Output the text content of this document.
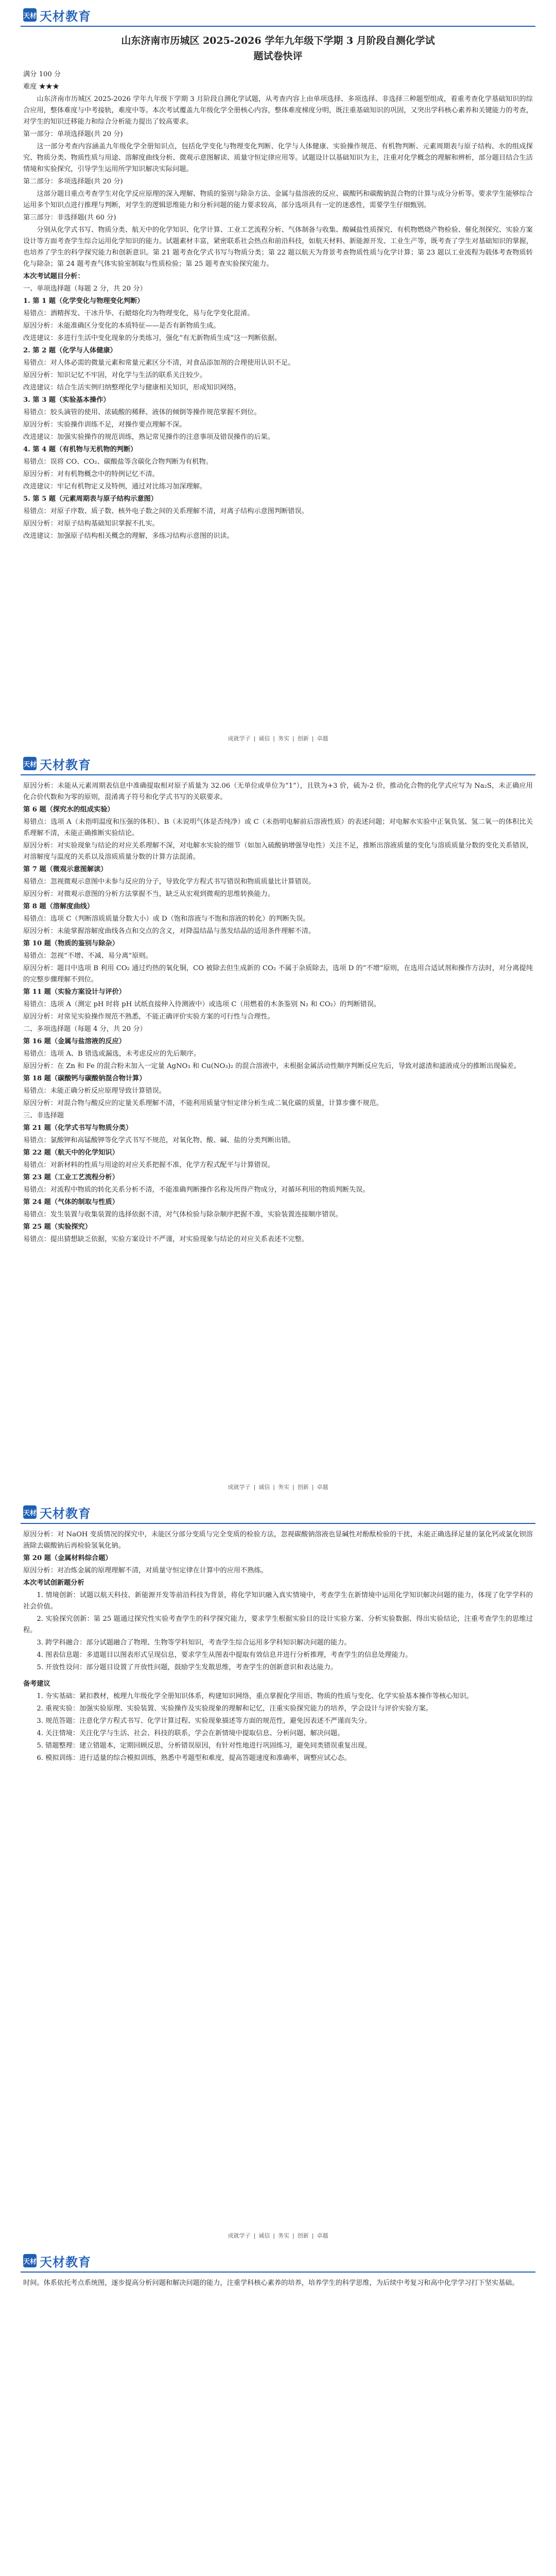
天材 天材教育
山东济南市历城区 2025-2026 学年九年级下学期 3 月阶段自测化学试
题试卷快评
满分 100 分
难度 ★★★

山东济南市历城区 2025-2026 学年九年级下学期 3 月阶段自测化学试题，从考查内容上由单项选择、多项选择、非选择三种题型组成，着重考查化学基础知识的综合应用，整体难度与中考接轨，难度中等。本次考试覆盖九年级化学全册核心内容，整体难度梯度分明，既注重基础知识的巩固，又突出学科核心素养和关键能力的考查，对学生的知识迁移能力和综合分析能力提出了较高要求。

第一部分：单项选择题(共 20 分)

这一部分考查内容涵盖九年级化学全册知识点，包括化学变化与物理变化判断、化学与人体健康、实验操作规范、有机物判断、元素周期表与原子结构、水的组成探究、物质分类、物质性质与用途、溶解度曲线分析、微观示意图解读、质量守恒定律应用等。试题设计以基础知识为主，注重对化学概念的理解和辨析，部分题目结合生活情境和实验探究，引导学生运用所学知识解决实际问题。

第二部分：多项选择题(共 20 分)

这部分题目重点考查学生对化学反应原理的深入理解、物质的鉴别与除杂方法、金属与盐溶液的反应、碳酸钙和碳酸钠混合物的计算与成分分析等。要求学生能够综合运用多个知识点进行推理与判断，对学生的逻辑思维能力和分析问题的能力要求较高，部分选项具有一定的迷惑性，需要学生仔细甄别。

第三部分：非选择题(共 60 分)

分别从化学式书写、物质分类、航天中的化学知识、化学计算、工业工艺流程分析、气体制备与收集、酸碱盐性质探究、有机物燃烧产物检验、催化剂探究、实验方案设计等方面考查学生综合运用化学知识的能力。试题素材丰富，紧密联系社会热点和前沿科技，如航天材料、新能源开发、工业生产等，既考查了学生对基础知识的掌握，也培养了学生的科学探究能力和创新意识。第 21 题考查化学式书写与物质分类；第 22 题以航天为背景考查物质性质与化学计算；第 23 题以工业流程为载体考查物质转化与除杂；第 24 题考查气体实验室制取与性质检验；第 25 题考查实验探究能力。

本次考试题目分析：

一、单项选择题（每题 2 分，共 20 分）

1. 第 1 题（化学变化与物理变化判断）

易错点：酒精挥发、干冰升华、石蜡熔化均为物理变化，易与化学变化混淆。

原因分析：未能准确区分变化的本质特征——是否有新物质生成。

改进建议：多进行生活中变化现象的分类练习，强化“有无新物质生成”这一判断依据。

2. 第 2 题（化学与人体健康）

易错点：对人体必需的微量元素和常量元素区分不清，对食品添加剂的合理使用认识不足。

原因分析：知识记忆不牢固，对化学与生活的联系关注较少。

改进建议：结合生活实例归纳整理化学与健康相关知识，形成知识网络。

3. 第 3 题（实验基本操作）

易错点：胶头滴管的使用、浓硫酸的稀释、液体的倾倒等操作规范掌握不到位。

原因分析：实验操作训练不足，对操作要点理解不深。

改进建议：加强实验操作的规范训练，熟记常见操作的注意事项及错误操作的后果。

4. 第 4 题（有机物与无机物的判断）

易错点：误将 CO、CO₂、碳酸盐等含碳化合物判断为有机物。

原因分析：对有机物概念中的特例记忆不清。

改进建议：牢记有机物定义及特例，通过对比练习加深理解。

5. 第 5 题（元素周期表与原子结构示意图）

易错点：对原子序数、质子数、核外电子数之间的关系理解不清，对离子结构示意图判断错误。

原因分析：对原子结构基础知识掌握不扎实。

改进建议：加强原子结构相关概念的理解，多练习结构示意图的识读。

成就学子 | 诚信 | 务实 | 创新 | 卓越
天材 天材教育

原因分析：未能从元素周期表信息中准确提取相对原子质量为 32.06（无单位或单位为“1”），且铁为+3 价，硫为-2 价，推动化合物的化学式应写为 Na₂S，未正确应用化合价代数和为零的原则，混淆离子符号和化学式书写的关联要求。

第 6 题（探究水的组成实验）

易错点：选项 A（未指明温度和压强的体积）、B（未说明气体是否纯净）或 C（未指明电解前后溶液性质）的表述问题；对电解水实验中正氧负氢、氢二氧一的体积比关系理解不清，未能正确推断实验结论。

原因分析：对实验现象与结论的对应关系理解不深，对电解水实验的细节（如加入硫酸钠增强导电性）关注不足，推断出溶液质量的变化与溶质质量分数的变化关系错误，对溶解度与温度的关系以及溶质质量分数的计算方法混淆。

第 7 题（微观示意图解读）

易错点：忽视微观示意图中未参与反应的分子，导致化学方程式书写错误和物质质量比计算错误。

原因分析：对微观示意图的分析方法掌握不当，缺乏从宏观到微观的思维转换能力。

第 8 题（溶解度曲线）

易错点：选项 C（判断溶质质量分数大小）或 D（饱和溶液与不饱和溶液的转化）的判断失误。

原因分析：未能掌握溶解度曲线各点和交点的含义，对降温结晶与蒸发结晶的适用条件理解不清。

第 10 题（物质的鉴别与除杂）

易错点：忽视“不增、不减、易分离”原则。

原因分析：题目中选项 B 利用 CO₂ 通过灼热的氧化铜，CO 被除去但生成新的 CO₂ 不属于杂质除去，选项 D 的“不增”原则，在选用合适试剂和操作方法时，对分离提纯的完整步骤理解不到位。

第 11 题（实验方案设计与评价）

易错点：选项 A（测定 pH 时将 pH 试纸直接伸入待测液中）或选项 C（用燃着的木条鉴别 N₂ 和 CO₂）的判断错误。

原因分析：对常见实验操作规范不熟悉，不能正确评价实验方案的可行性与合理性。

二、多项选择题（每题 4 分，共 20 分）

第 16 题（金属与盐溶液的反应）

易错点：选项 A、B 错选或漏选，未考虑反应的先后顺序。

原因分析：在 Zn 和 Fe 的混合粉末加入一定量 AgNO₃ 和 Cu(NO₃)₂ 的混合溶液中，未根据金属活动性顺序判断反应先后，导致对滤渣和滤液成分的推断出现偏差。

第 18 题（碳酸钙与碳酸钠混合物计算）

易错点：未能正确分析反应原理导致计算错误。

原因分析：对混合物与酸反应的定量关系理解不清，不能利用质量守恒定律分析生成二氧化碳的质量，计算步骤不规范。

三、非选择题

第 21 题（化学式书写与物质分类）

易错点：氯酸钾和高锰酸钾等化学式书写不规范，对氧化物、酸、碱、盐的分类判断出错。

第 22 题（航天中的化学知识）

易错点：对新材料的性质与用途的对应关系把握不准，化学方程式配平与计算错误。

第 23 题（工业工艺流程分析）

易错点：对流程中物质的转化关系分析不清，不能准确判断操作名称及所得产物成分，对循环利用的物质判断失误。

第 24 题（气体的制取与性质）

易错点：发生装置与收集装置的选择依据不清，对气体检验与除杂顺序把握不准，实验装置连接顺序错误。

第 25 题（实验探究）

易错点：提出猜想缺乏依据，实验方案设计不严谨，对实验现象与结论的对应关系表述不完整。

成就学子 | 诚信 | 务实 | 创新 | 卓越
天材 天材教育

原因分析：对 NaOH 变质情况的探究中，未能区分部分变质与完全变质的检验方法，忽视碳酸钠溶液也显碱性对酚酞检验的干扰，未能正确选择足量的氯化钙或氯化钡溶液除去碳酸钠后再检验氢氧化钠。

第 20 题（金属材料综合题）

原因分析：对冶炼金属的原理理解不清，对质量守恒定律在计算中的应用不熟练。

本次考试创新题分析

1. 情境创新：试题以航天科技、新能源开发等前沿科技为背景，将化学知识融入真实情境中，考查学生在新情境中运用化学知识解决问题的能力，体现了化学学科的社会价值。

2. 实验探究创新：第 25 题通过探究性实验考查学生的科学探究能力，要求学生根据实验目的设计实验方案、分析实验数据、得出实验结论，注重考查学生的思维过程。

3. 跨学科融合：部分试题融合了物理、生物等学科知识，考查学生综合运用多学科知识解决问题的能力。

4. 图表信息题：多道题目以图表形式呈现信息，要求学生从图表中提取有效信息并进行分析推理，考查学生的信息处理能力。

5. 开放性设问：部分题目设置了开放性问题，鼓励学生发散思维，考查学生的创新意识和表达能力。

备考建议

1. 夯实基础：紧扣教材，梳理九年级化学全册知识体系，构建知识网络，重点掌握化学用语、物质的性质与变化、化学实验基本操作等核心知识。

2. 重视实验：加强实验原理、实验装置、实验操作及实验现象的理解和记忆，注重实验探究能力的培养，学会设计与评价实验方案。

3. 规范答题：注意化学方程式书写、化学计算过程、实验现象描述等方面的规范性，避免因表述不严谨而失分。

4. 关注情境：关注化学与生活、社会、科技的联系，学会在新情境中提取信息、分析问题、解决问题。

5. 错题整理：建立错题本，定期回顾反思，分析错误原因，有针对性地进行巩固练习，避免同类错误重复出现。

6. 模拟训练：进行适量的综合模拟训练，熟悉中考题型和难度，提高答题速度和准确率，调整应试心态。

成就学子 | 诚信 | 务实 | 创新 | 卓越
天材 天材教育

时间。体系依托考点系统图，逐步提高分析问题和解决问题的能力，注重学科核心素养的培养，培养学生的科学思维，为后续中考复习和高中化学学习打下坚实基础。
